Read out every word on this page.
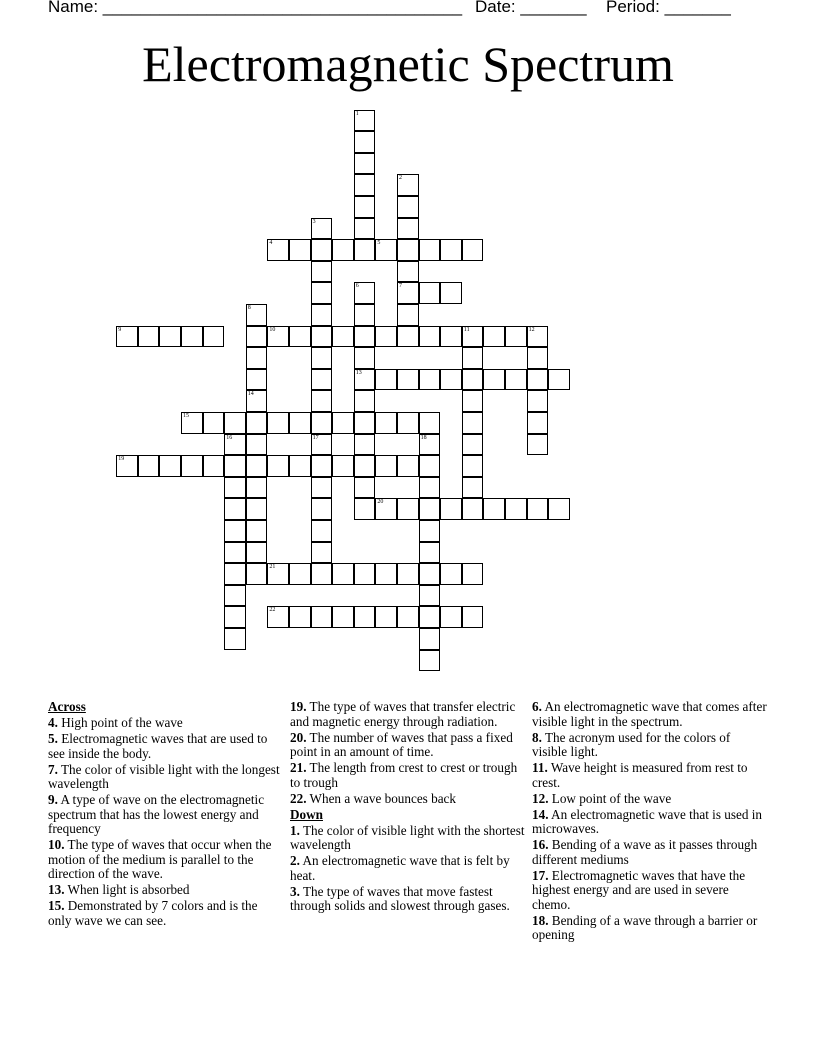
Name: ______________________________________

Date: _______

Period: _______

Electromagnetic Spectrum
1
2
7
3
17
4	5
6
13
8
14
9	10	11	12
15
16	18
19
20
21
22
Across

4. High point of the wave

5. Electromagnetic waves that are used to see inside the body.

7. The color of visible light with the longest wavelength

9. A type of wave on the electromagnetic spectrum that has the lowest energy and frequency

10. The type of waves that occur when the motion of the medium is parallel to the direction of the wave.

13. When light is absorbed

15. Demonstrated by 7 colors and is the only wave we can see.

19. The type of waves that transfer electric and magnetic energy through radiation.

20. The number of waves that pass a fixed point in an amount of time.

21. The length from crest to crest or trough to trough

22. When a wave bounces back

Down

1. The color of visible light with the shortest wavelength

2. An electromagnetic wave that is felt by heat.

3. The type of waves that move fastest through solids and slowest through gases.

6. An electromagnetic wave that comes after visible light in the spectrum.

8. The acronym used for the colors of visible light.

11. Wave height is measured from rest to crest.

12. Low point of the wave

14. An electromagnetic wave that is used in microwaves.

16. Bending of a wave as it passes through different mediums

17. Electromagnetic waves that have the highest energy and are used in severe chemo.

18. Bending of a wave through a barrier or opening
